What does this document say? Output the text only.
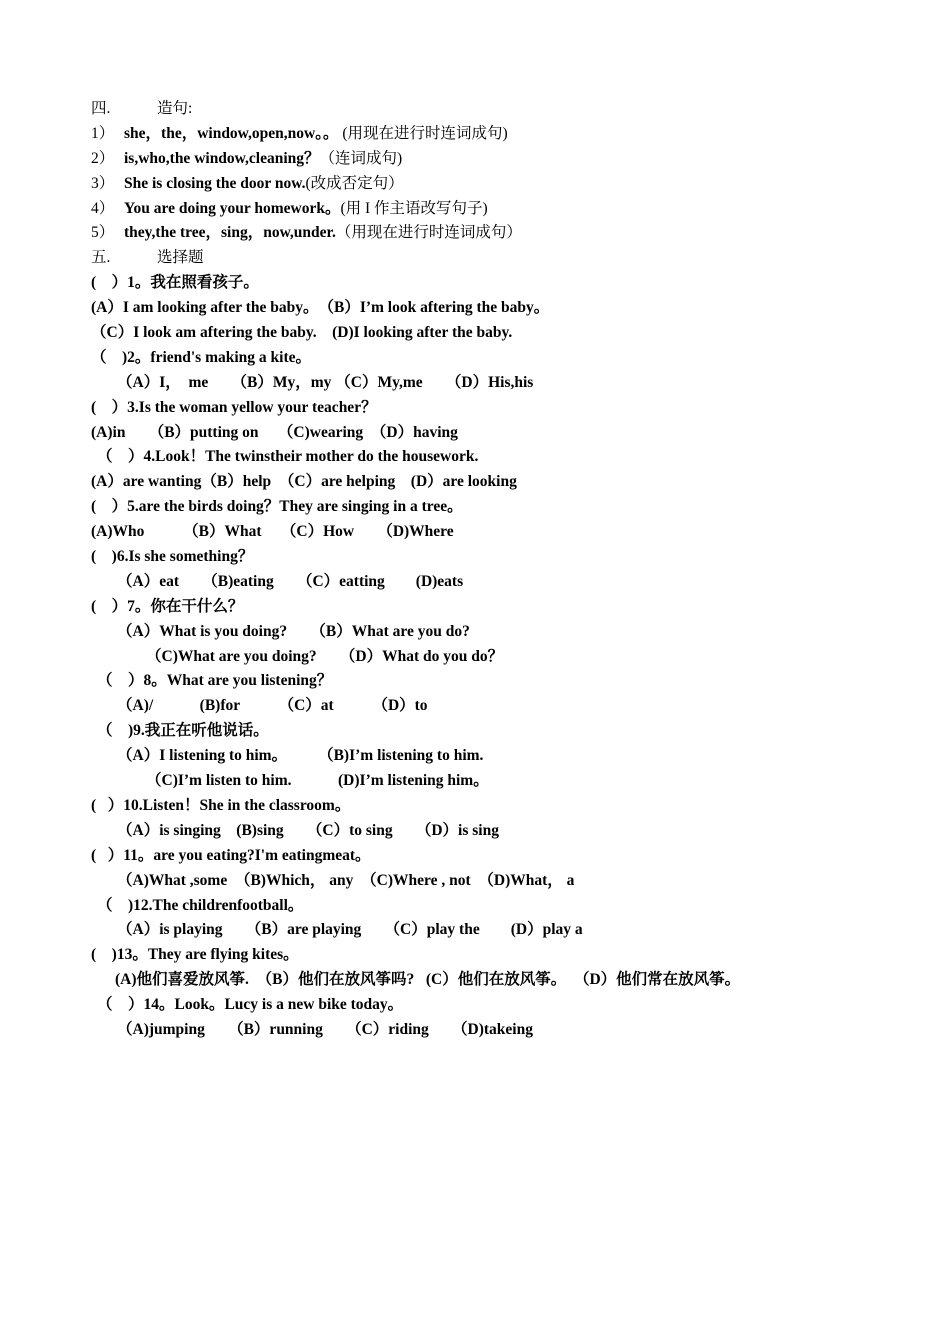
四.	造句:
1） she，the，window,open,now。。 (用现在进行时连词成句)
2） is,who,the window,cleaning？（连词成句)
3） She is closing the door now.(改成否定句）
4） You are doing your homework。(用 I 作主语改写句子)
5） they,the tree，sing，now,under.（用现在进行时连词成句）
五.	选择题
(　）1。我在照看孩子。
(A）I am looking after the baby。　（B）I’m look aftering the baby。
（C）I look am aftering the baby.　(D)I looking after the baby.
（　)2。friend's making a kite。
（A）I，  me　　（B）My，my （C）My,me　　（D）His,his
(　）3.Is the woman yellow your teacher？
(A)in　　（B）putting on　 （C)wearing　（D）having
（　）4.Look！The twinstheir mother do the housework.
(A）are wanting（B）help　（C）are helping　(D）are looking
(　）5.are the birds doing？They are singing in a tree。
(A)Who　　　（B）What　 （C）How　　（D)Where
(　)6.Is she something？
（A）eat　　（B)eating　　（C）eatting　　(D)eats
(　）7。你在干什么？
（A）What is you doing?　　（B）What are you do?
（C)What are you doing?　　（D）What do you do？
（　）8。What are you listening？
（A)/　　　(B)for　　　（C）at　　　（D）to
（　)9.我正在听他说话。
（A）I listening to him。　　　（B)I’m listening to him.
（C)I’m listen to him.　　　(D)I’m listening him。
(   ）10.Listen！She in the classroom。
（A）is singing　(B)sing　　（C）to sing　　（D）is sing
(   ）11。are you eating?I'm eatingmeat。
（A)What ,some　（B)Which， any　（C)Where , not　（D)What， a
（　)12.The childrenfootball。
（A）is playing　　（B）are playing　　（C）play the　　(D）play a
(　)13。They are flying kites。
(A)他们喜爱放风筝.  （B）他们在放风筝吗?   (C）他们在放风筝。  （D）他们常在放风筝。
（　）14。Look。Lucy is a new bike today。
（A)jumping　　（B）running　　（C）riding　　（D)takeing
